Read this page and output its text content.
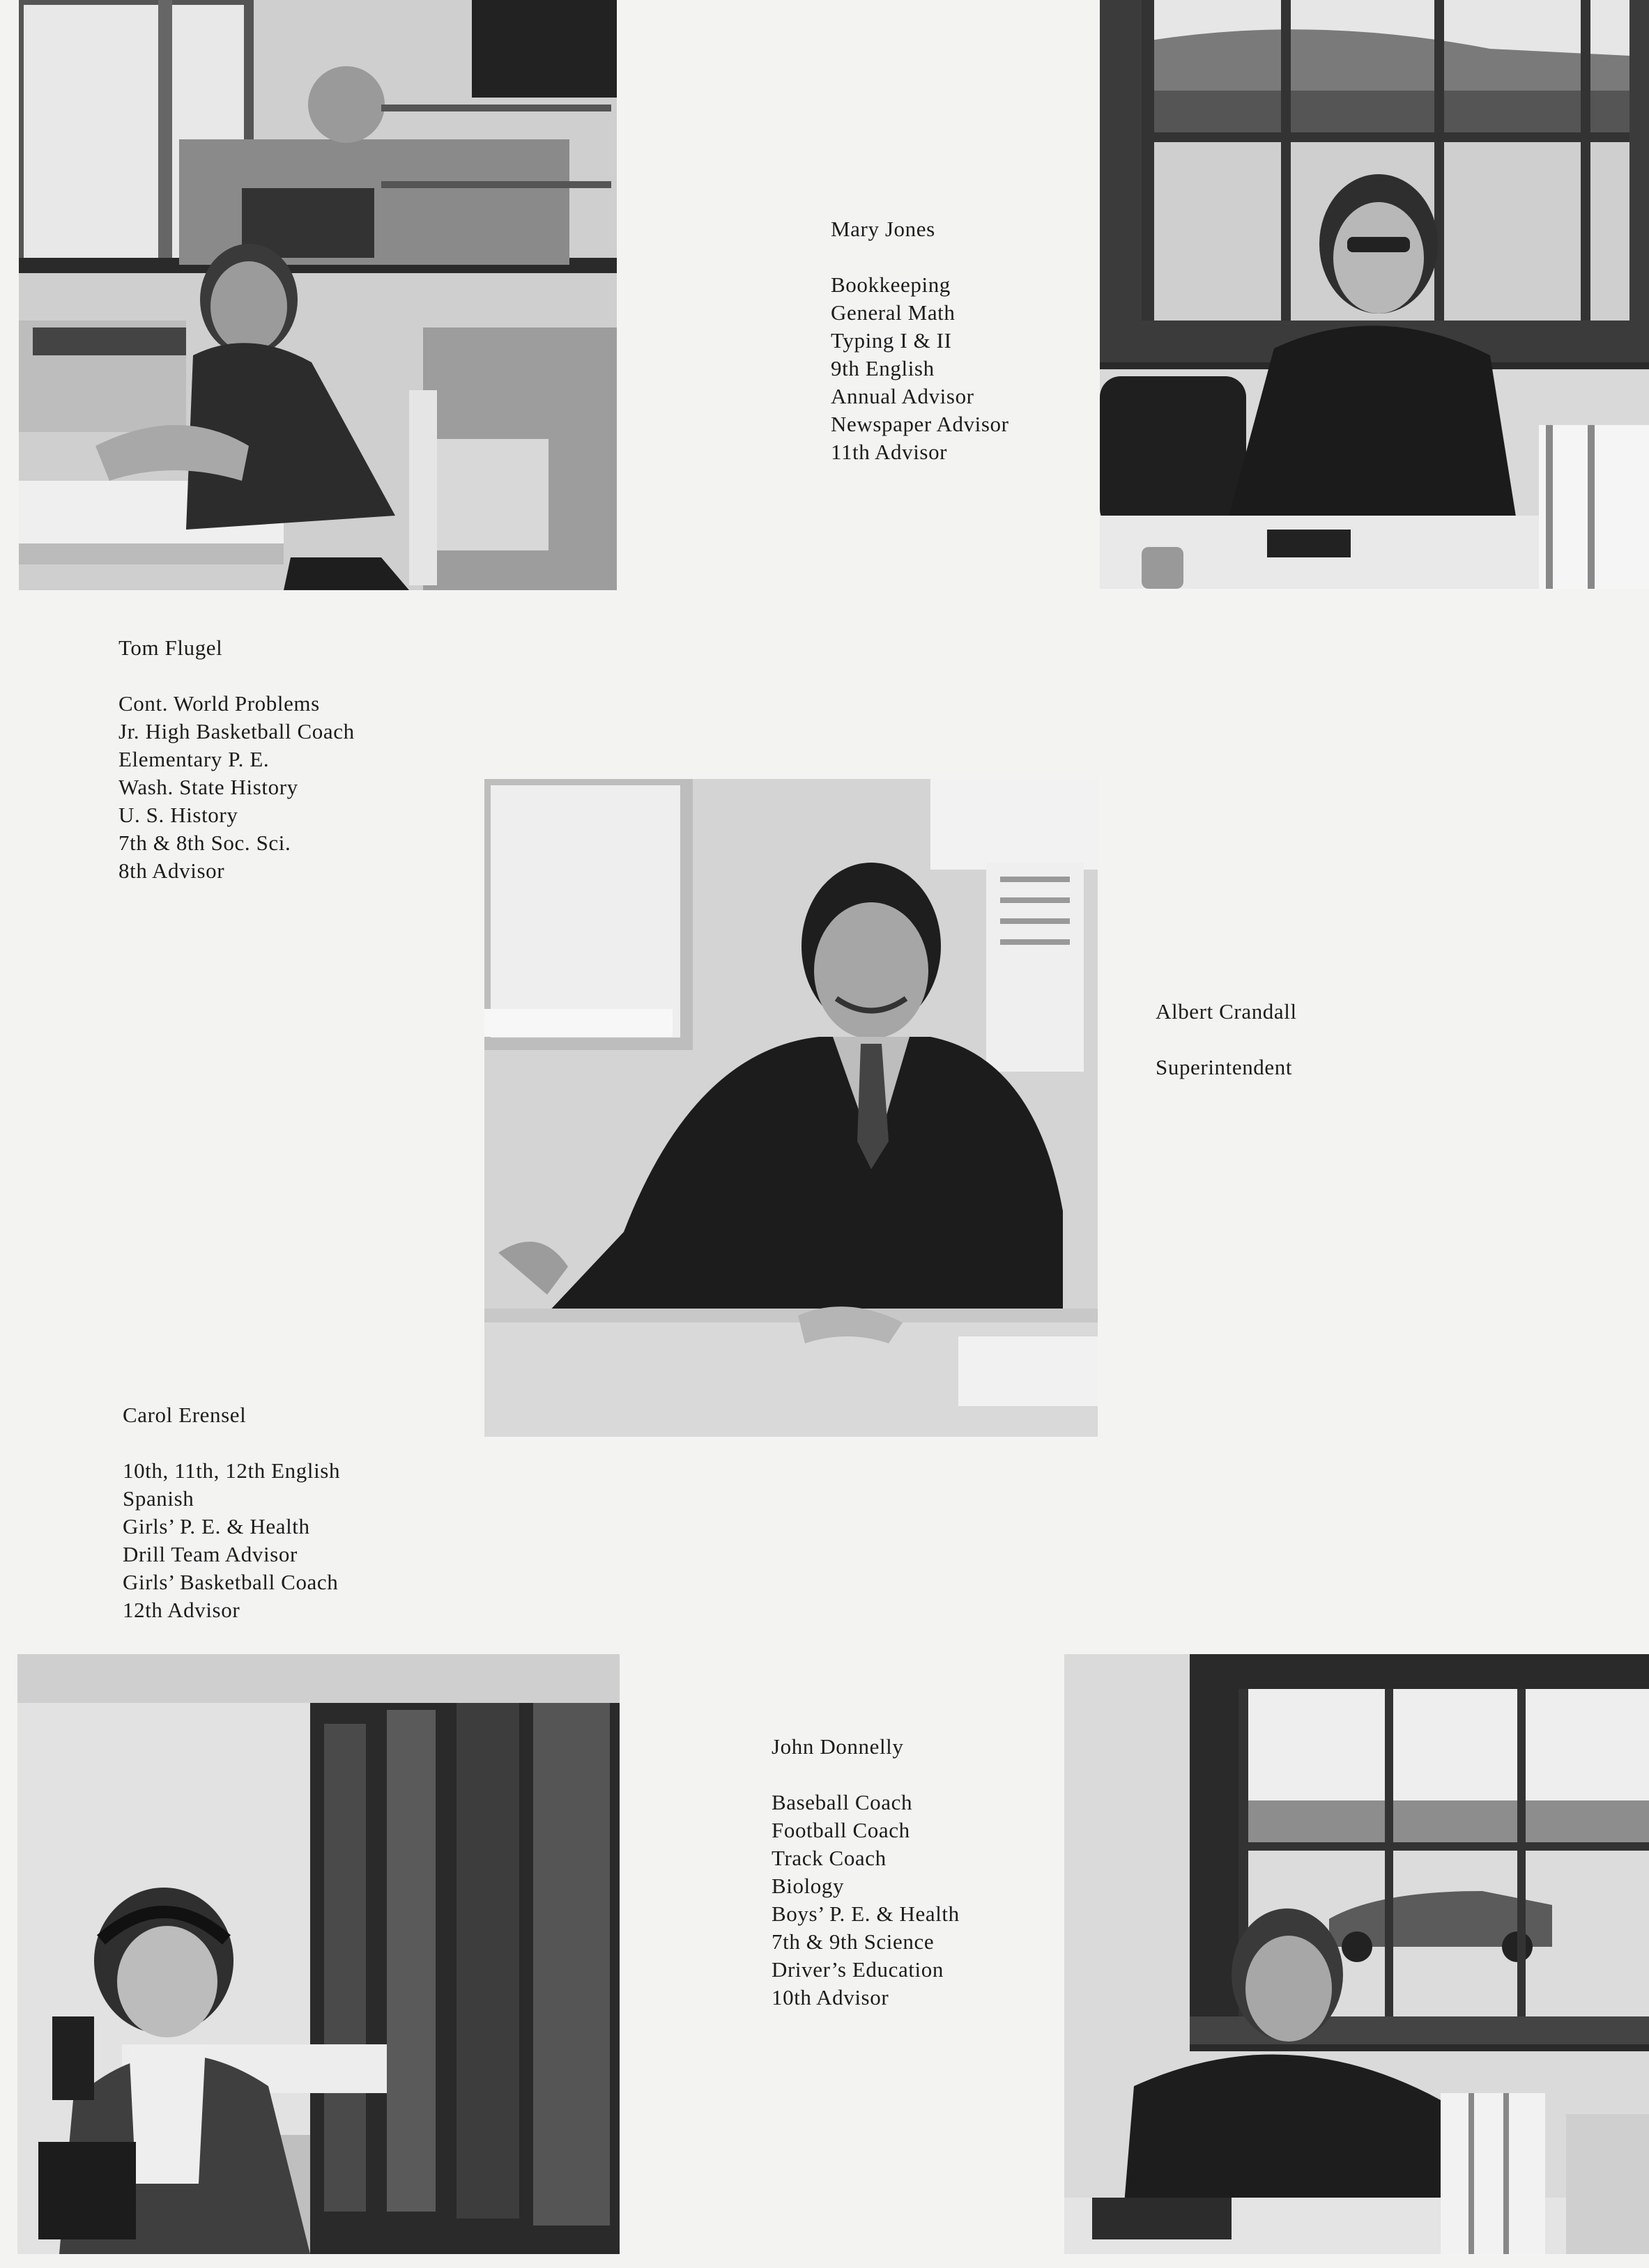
Mary Jones
Bookkeeping
General Math
Typing I & II
9th English
Annual Advisor
Newspaper Advisor
11th Advisor
Tom Flugel
Cont. World Problems
Jr. High Basketball Coach
Elementary P. E.
Wash. State History
U. S. History
7th & 8th Soc. Sci.
8th Advisor
Albert Crandall
Superintendent
Carol Erensel
10th, 11th, 12th English
Spanish
Girls’ P. E. & Health
Drill Team Advisor
Girls’ Basketball Coach
12th Advisor
John Donnelly
Baseball Coach
Football Coach
Track Coach
Biology
Boys’ P. E. & Health
7th & 9th Science
Driver’s Education
10th Advisor
